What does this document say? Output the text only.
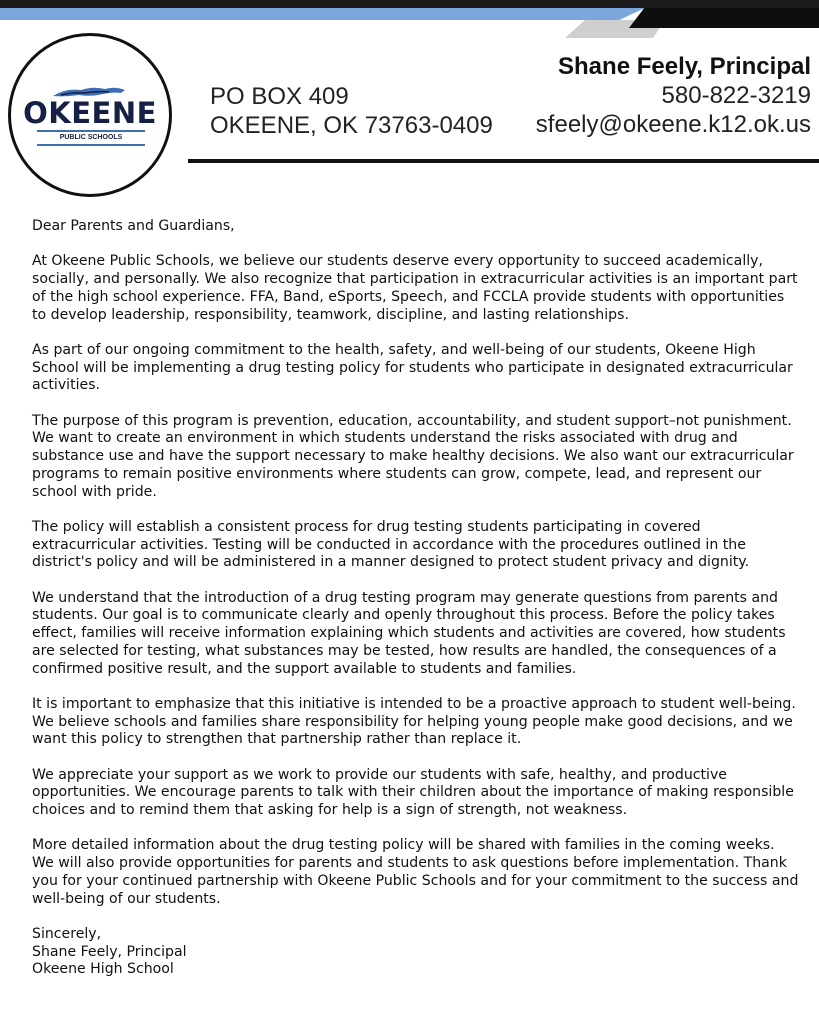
OKEENE
PUBLIC SCHOOLS
PO BOX 409
OKEENE, OK 73763-0409
Shane Feely, Principal
580-822-3219
sfeely@okeene.k12.ok.us

Dear Parents and Guardians,

At Okeene Public Schools, we believe our students deserve every opportunity to succeed academically, socially, and personally. We also recognize that participation in extracurricular activities is an important part of the high school experience. FFA, Band, eSports, Speech, and FCCLA provide students with opportunities to develop leadership, responsibility, teamwork, discipline, and lasting relationships.

As part of our ongoing commitment to the health, safety, and well-being of our students, Okeene High School will be implementing a drug testing policy for students who participate in designated extracurricular activities.

The purpose of this program is prevention, education, accountability, and student support–not punishment. We want to create an environment in which students understand the risks associated with drug and substance use and have the support necessary to make healthy decisions. We also want our extracurricular programs to remain positive environments where students can grow, compete, lead, and represent our school with pride.

The policy will establish a consistent process for drug testing students participating in covered extracurricular activities. Testing will be conducted in accordance with the procedures outlined in the district's policy and will be administered in a manner designed to protect student privacy and dignity.

We understand that the introduction of a drug testing program may generate questions from parents and students. Our goal is to communicate clearly and openly throughout this process. Before the policy takes effect, families will receive information explaining which students and activities are covered, how students are selected for testing, what substances may be tested, how results are handled, the consequences of a confirmed positive result, and the support available to students and families.

It is important to emphasize that this initiative is intended to be a proactive approach to student well-being. We believe schools and families share responsibility for helping young people make good decisions, and we want this policy to strengthen that partnership rather than replace it.

We appreciate your support as we work to provide our students with safe, healthy, and productive opportunities. We encourage parents to talk with their children about the importance of making responsible choices and to remind them that asking for help is a sign of strength, not weakness.

More detailed information about the drug testing policy will be shared with families in the coming weeks. We will also provide opportunities for parents and students to ask questions before implementation. Thank you for your continued partnership with Okeene Public Schools and for your commitment to the success and well-being of our students.

Sincerely,

Shane Feely, Principal

Okeene High School
